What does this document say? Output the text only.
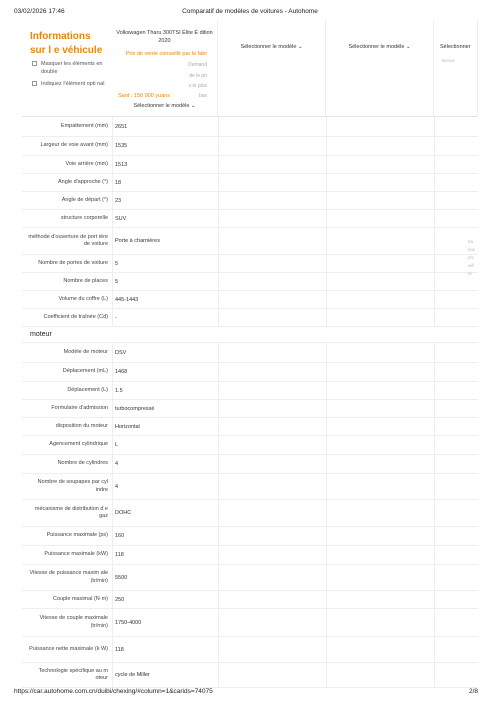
03/02/2026 17:46	Comparatif de modèles de voitures - Autohome
Informations sur l e véhicule
Masquer les éléments en double
Indiquez l'élément opti nal
Volkswagen Tharu 300TSI Élite É dition 2020
Prix de vente conseillé par le fabr
Demand
de le pri
x le plus
bas
Sant : 150 000 yuans
Sélectionner le modèle ⌄
Sélectionner le modèle ⌄	Sélectionner le modèle ⌄	Sélectionner
Bonus
Empattement (mm)	2651
Largeur de voie avant (mm)	1535
Voie arrière (mm)	1513
Angle d'approche (°)	18
Angle de départ (°)	23
structure corporelle	SUV
méthode d'ouverture de port ière de voiture	Porte à charnières
Nombre de portes de voiture	5
Nombre de places	5
Volume du coffre (L)	445-1443
Coefficient de traînée (Cd)	-
moteur
Modèle de moteur	DSV
Déplacement (mL)	1468
Déplacement (L)	1.5
Formulaire d'admission	turbocompressé
disposition du moteur	Horizontal
Agencement cylindrique	L
Nombre de cylindres	4
Nombre de soupapes par cyl indre	4
mécanisme de distribution d e gaz	DOHC
Puissance maximale (ps)	160
Puissance maximale (kW)	118
Vitesse de puissance maxim ale (tr/min)	5500
Couple maximal (N·m)	250
Vitesse de couple maximale (tr/min)	1750-4000
Puissance nette maximale (k W)	118
Technologie spécifique au m oteur	cycle de Miller
ba
(kw
d's
will
el
https://car.autohome.com.cn/duibi/chexing/#column=1&carids=74075	2/8
